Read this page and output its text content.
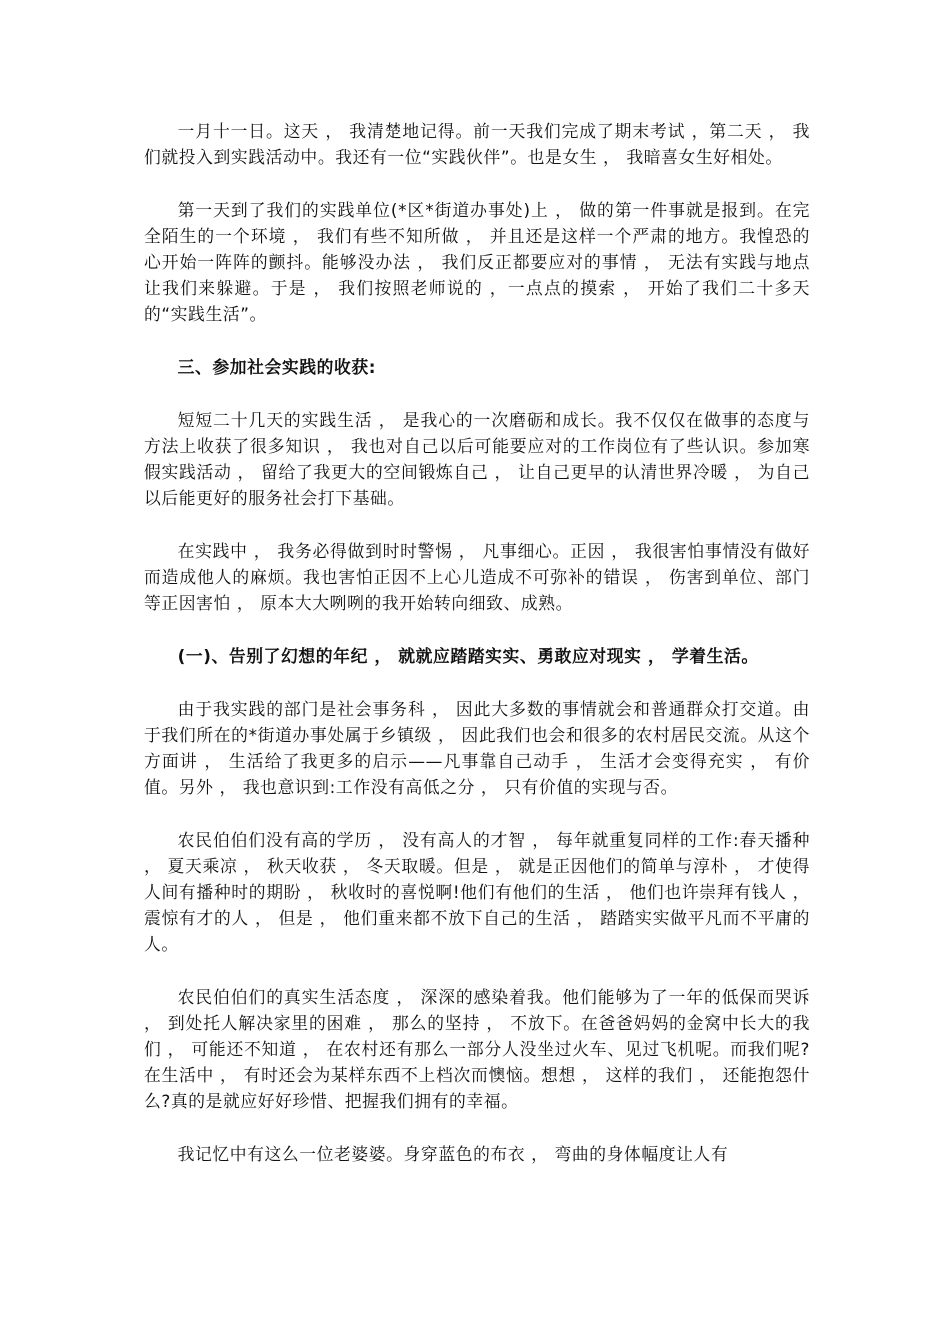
一月十一日。这天 ， 我清楚地记得。前一天我们完成了期末考试 ，第二天 ， 我们就投入到实践活动中。我还有一位“实践伙伴”。也是女生 ， 我暗喜女生好相处。

第一天到了我们的实践单位(*区*街道办事处)上 ， 做的第一件事就是报到。在完全陌生的一个环境 ， 我们有些不知所做 ， 并且还是这样一个严肃的地方。我惶恐的心开始一阵阵的颤抖。能够没办法 ， 我们反正都要应对的事情 ， 无法有实践与地点让我们来躲避。于是 ， 我们按照老师说的 ，一点点的摸索 ， 开始了我们二十多天的“实践生活”。

三、参加社会实践的收获:

短短二十几天的实践生活 ， 是我心的一次磨砺和成长。我不仅仅在做事的态度与方法上收获了很多知识 ， 我也对自己以后可能要应对的工作岗位有了些认识。参加寒假实践活动 ， 留给了我更大的空间锻炼自己 ， 让自己更早的认清世界冷暖 ， 为自己以后能更好的服务社会打下基础。

在实践中 ， 我务必得做到时时警惕 ， 凡事细心。正因 ， 我很害怕事情没有做好而造成他人的麻烦。我也害怕正因不上心儿造成不可弥补的错误 ， 伤害到单位、部门等正因害怕 ， 原本大大咧咧的我开始转向细致、成熟。

(一)、告别了幻想的年纪 ， 就就应踏踏实实、勇敢应对现实 ， 学着生活。

由于我实践的部门是社会事务科 ， 因此大多数的事情就会和普通群众打交道。由于我们所在的*街道办事处属于乡镇级 ， 因此我们也会和很多的农村居民交流。从这个方面讲 ， 生活给了我更多的启示——凡事靠自己动手 ， 生活才会变得充实 ， 有价值。另外 ， 我也意识到:工作没有高低之分 ， 只有价值的实现与否。

农民伯伯们没有高的学历 ， 没有高人的才智 ， 每年就重复同样的工作:春天播种 ， 夏天乘凉 ， 秋天收获 ， 冬天取暖。但是 ， 就是正因他们的简单与淳朴 ， 才使得人间有播种时的期盼 ， 秋收时的喜悦啊!他们有他们的生活 ， 他们也许崇拜有钱人 ， 震惊有才的人 ， 但是 ， 他们重来都不放下自己的生活 ， 踏踏实实做平凡而不平庸的人。

农民伯伯们的真实生活态度 ， 深深的感染着我。他们能够为了一年的低保而哭诉 ， 到处托人解决家里的困难 ， 那么的坚持 ， 不放下。在爸爸妈妈的金窝中长大的我们 ， 可能还不知道 ， 在农村还有那么一部分人没坐过火车、见过飞机呢。而我们呢?在生活中 ， 有时还会为某样东西不上档次而懊恼。想想 ， 这样的我们 ， 还能抱怨什么?真的是就应好好珍惜、把握我们拥有的幸福。

我记忆中有这么一位老婆婆。身穿蓝色的布衣 ， 弯曲的身体幅度让人有
